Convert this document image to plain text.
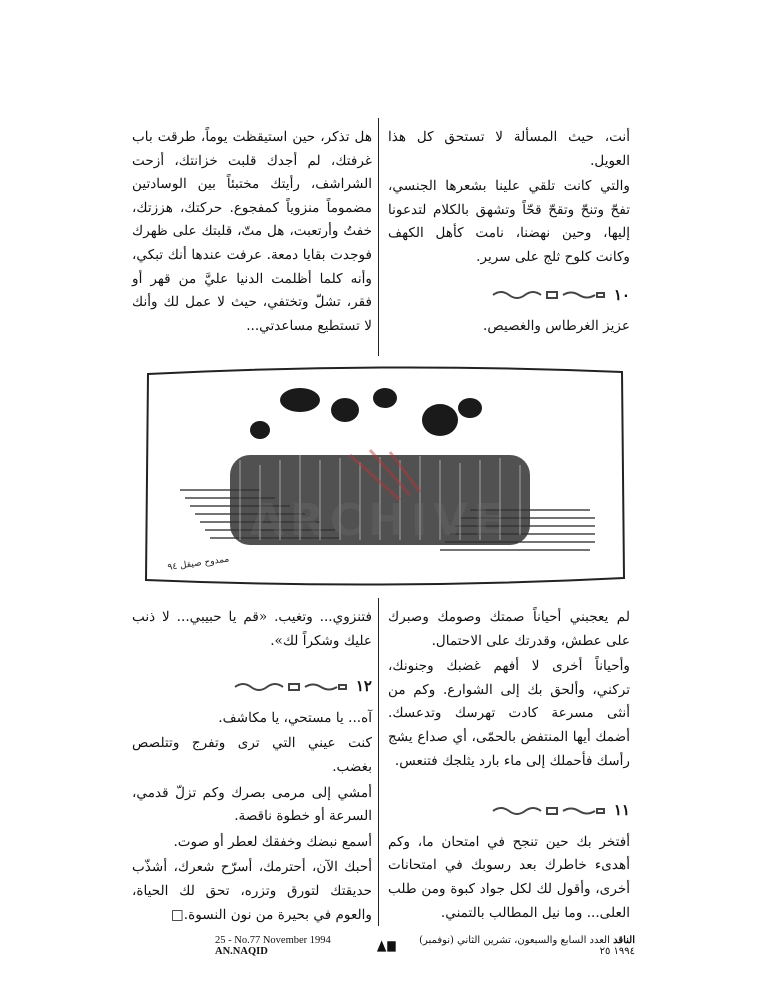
أنت، حيث المسألة لا تستحق كل هذا العويل.

والتي كانت تلقي علينا بشعرها الجنسي، تفحّ وتنحّ وتقحّ قحّاً وتشهق بالكلام لتدعونا إليها، وحين نهضنا، نامت كأهل الكهف وكانت كلوح ثلج على سرير.

١٠

عزيز الغرطاس والغصيص.

هل تذكر، حين استيقظت يوماً، طرقت باب غرفتك، لم أجدك قلبت خزانتك، أزحت الشراشف، رأيتك مختبئاً بين الوسادتين مضموماً منزوياً كمفجوع. حركتك، هززتك، خفتُ وأرتعبت، هل متّ، قلبتك على ظهرك فوجدت بقايا دمعة. عرفت عندها أنك تبكي، وأنه كلما أظلمت الدنيا عليَّ من قهر أو فقر، تشلّ وتختفي، حيث لا عمل لك وأنك لا تستطيع مساعدتي...

ممدوح صيقل ٩٤
ARCHIVE

لم يعجبني أحياناً صمتك وصومك وصبرك على عطش، وقدرتك على الاحتمال.

وأحياناً أخرى لا أفهم غضبك وجنونك، تركني، وألحق بك إلى الشوارع. وكم من أنثى مسرعة كادت تهرسك وتدعسك. أضمك أيها المنتفض بالحمّى، أي صداع يشج رأسك فأحملك إلى ماء بارد يثلجك فتنعس.

١١

أفتخر بك حين تنجح في امتحان ما، وكم أهدىء خاطرك بعد رسوبك في امتحانات أخرى، وأقول لك لكل جواد كبوة ومن طلب العلى... وما نيل المطالب بالتمني.

فتنزوي... وتغيب. «قم يا حبيبي... لا ذنب عليك وشكراً لك».

١٢

آه... يا مستحي، يا مكاشف.

كنت عيني التي ترى وتفرج وتتلصص بغضب.

أمشي إلى مرمى بصرك وكم تزلّ قدمي، السرعة أو خطوة ناقصة.

أسمع نبضك وخفقك لعطر أو صوت.

أحبك الآن، أحترمك، أسرّح شعرك، أشذّب حديقتك لتورق وتزره، تحق لك الحياة، والعوم في بحيرة من نون النسوة.□

25 - No.77 November 1994 AN.NAQID
الناقد العدد السابع والسبعون، تشرين الثاني (نوفمبر) ١٩٩٤ ٢٥
